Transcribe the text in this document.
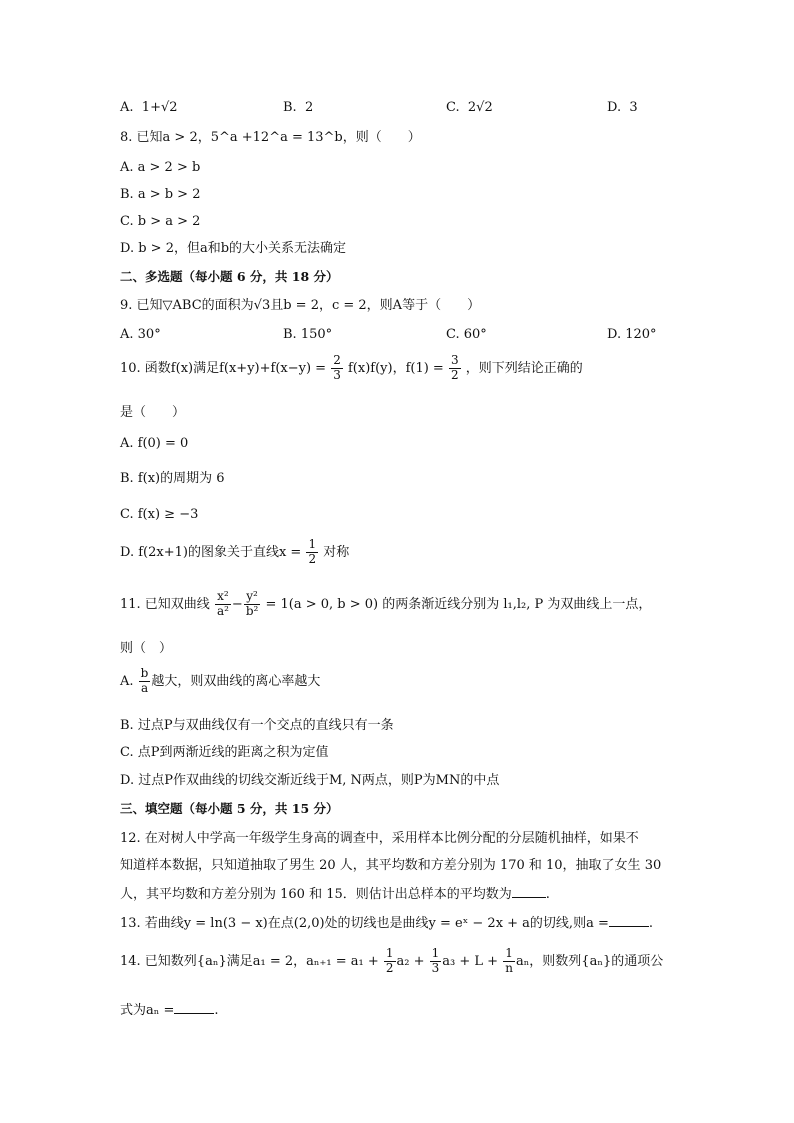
A. 1+√2	B. 2	C. 2√2	D. 3
8. 已知a > 2，5^a +12^a = 13^b，则（　　）
A. a > 2 > b
B. a > b > 2
C. b > a > 2
D. b > 2，但a和b的大小关系无法确定
二、多选题（每小题 6 分，共 18 分）
9. 已知▽ABC的面积为√3且b = 2，c = 2，则A等于（　　）
A. 30°	B. 150°	C. 60°	D. 120°
10. 函数f(x)满足$f(x+y)+f(x-y) = \frac{2}{3} f(x)f(y)$，$f(1) = \frac{3}{2}$ ，则下列结论正确的
是（　　）
A. f(0) = 0
B. f(x)的周期为 6
C. f(x) ≥ −3
D. f(2x+1)的图象关于直线$x = \frac{1}{2}$ 对称
11. 已知双曲线 $\frac{\text{x²}}{\text{a²}} - \frac{\text{y²}}{\text{b²}} = 1(a > 0$, b > 0) 的两条渐近线分别为 l₁,l₂, P 为双曲线上一点，
则（　）
A. $\frac{b}{a}$ 越大，则双曲线的离心率越大
B. 过点P与双曲线仅有一个交点的直线只有一条
C. 点P到两渐近线的距离之积为定值
D. 过点P作双曲线的切线交渐近线于M, N两点，则P为MN的中点
三、填空题（每小题 5 分，共 15 分）
12. 在对树人中学高一年级学生身高的调查中，采用样本比例分配的分层随机抽样，如果不
知道样本数据，只知道抽取了男生 20 人，其平均数和方差分别为 170 和 10，抽取了女生 30
人，其平均数和方差分别为 160 和 15．则估计出总样本的平均数为	.
13. 若曲线y = ln(3 − x)在点(2,0)处的切线也是曲线y = eˣ − 2x + a的切线,则a =	.
14. 已知数列{aₙ}满足a₁ = 2，$a_{n+1} = a_1 + \frac{1}{2} a_2 + \frac{1}{3} a_3 + L + \frac{1}{n}$ aₙ，则数列{aₙ}的通项公
式为aₙ =	.
